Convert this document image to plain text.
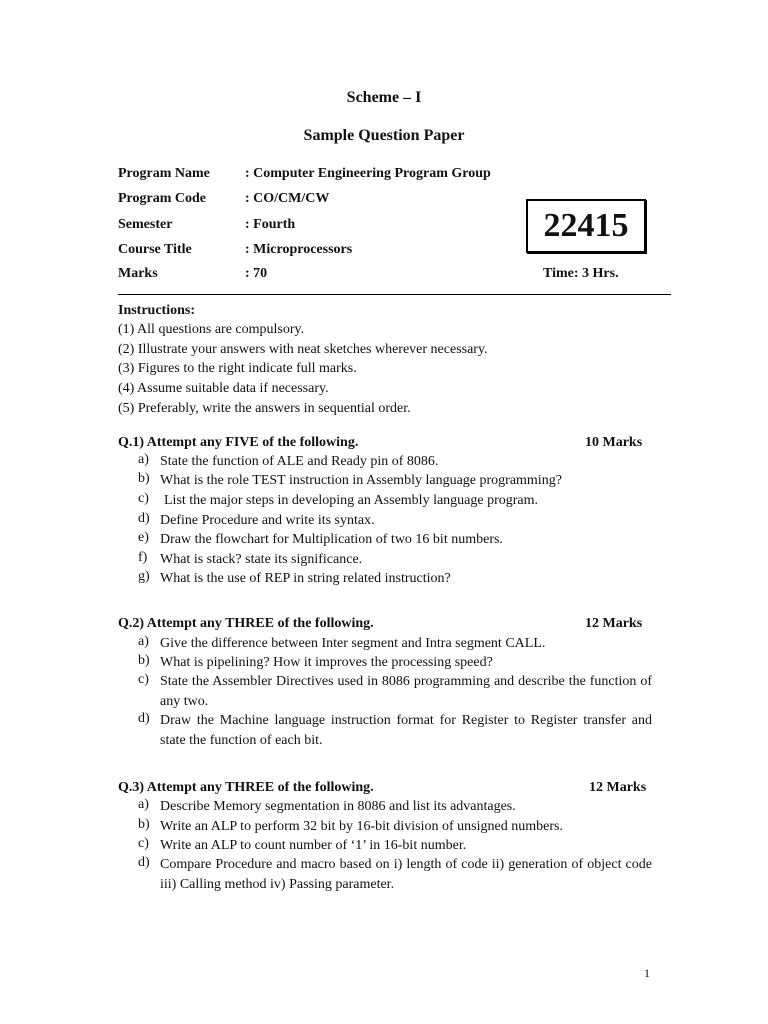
Scheme – I
Sample Question Paper
Program Name	: Computer Engineering Program Group
Program Code	: CO/CM/CW
Semester	: Fourth
Course Title	: Microprocessors
Marks	: 70
22415
Time: 3 Hrs.
Instructions:
(1) All questions are compulsory.
(2) Illustrate your answers with neat sketches wherever necessary.
(3) Figures to the right indicate full marks.
(4) Assume suitable data if necessary.
(5) Preferably, write the answers in sequential order.
Q.1) Attempt any FIVE of the following.	10 Marks
a) State the function of ALE and Ready pin of 8086.
b) What is the role TEST instruction in Assembly language programming?
c) List the major steps in developing an Assembly language program.
d) Define Procedure and write its syntax.
e) Draw the flowchart for Multiplication of two 16 bit numbers.
f) What is stack? state its significance.
g) What is the use of REP in string related instruction?
Q.2) Attempt any THREE of the following.	12 Marks
a) Give the difference between Inter segment and Intra segment CALL.
b) What is pipelining? How it improves the processing speed?
c) State the Assembler Directives used in 8086 programming and describe the function of any two.
d) Draw the Machine language instruction format for Register to Register transfer and state the function of each bit.
Q.3) Attempt any THREE of the following.	12 Marks
a) Describe Memory segmentation in 8086 and list its advantages.
b) Write an ALP to perform 32 bit by 16-bit division of unsigned numbers.
c) Write an ALP to count number of ‘1’ in 16-bit number.
d) Compare Procedure and macro based on i) length of code ii) generation of object code iii) Calling method iv) Passing parameter.
1
